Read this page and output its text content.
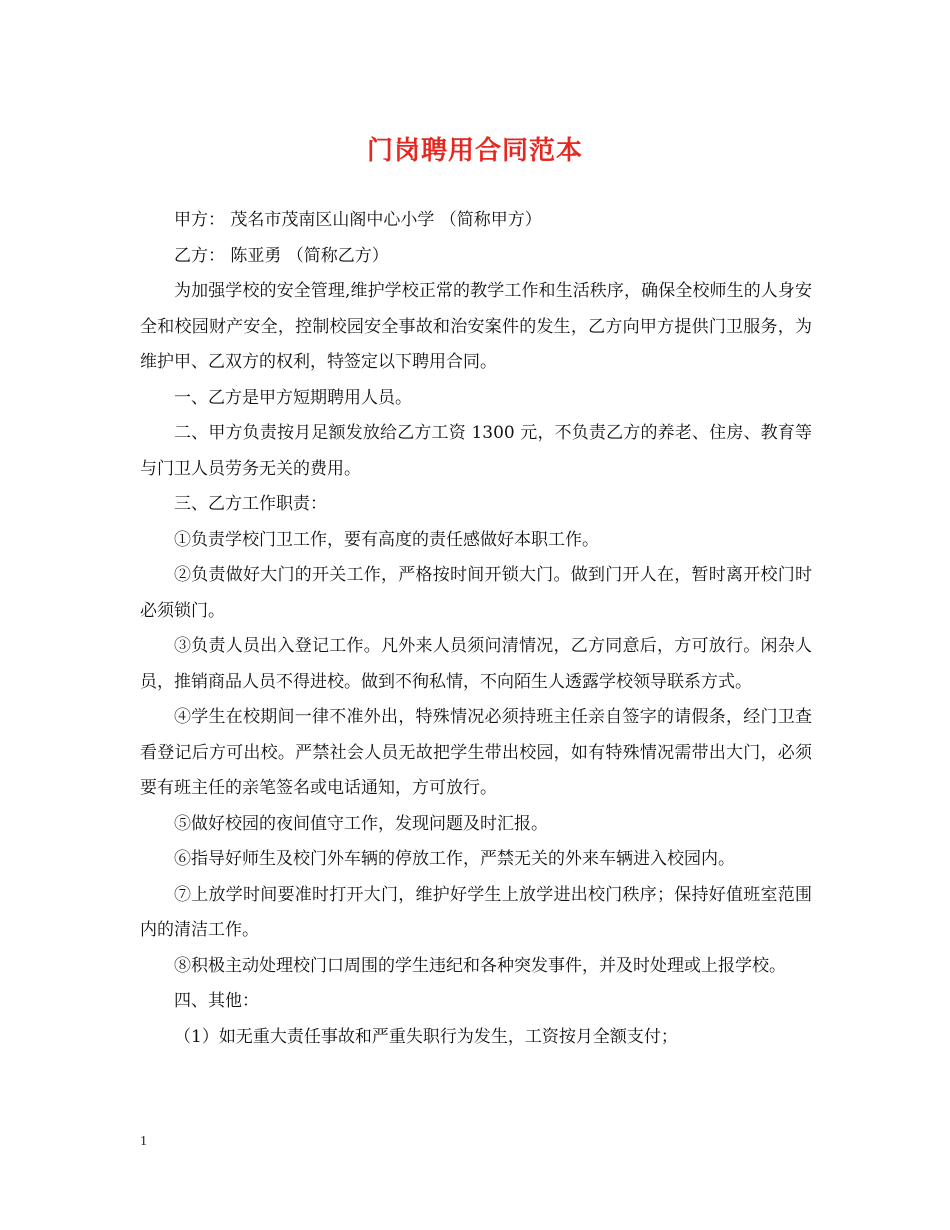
门岗聘用合同范本

甲方： 茂名市茂南区山阁中心小学 （简称甲方）

乙方： 陈亚勇 （简称乙方）

为加强学校的安全管理,维护学校正常的教学工作和生活秩序，确保全校师生的人身安全和校园财产安全，控制校园安全事故和治安案件的发生，乙方向甲方提供门卫服务，为维护甲、乙双方的权利，特签定以下聘用合同。

一、乙方是甲方短期聘用人员。

二、甲方负责按月足额发放给乙方工资 1300 元，不负责乙方的养老、住房、教育等与门卫人员劳务无关的费用。

三、乙方工作职责：

①负责学校门卫工作，要有高度的责任感做好本职工作。

②负责做好大门的开关工作，严格按时间开锁大门。做到门开人在，暂时离开校门时必须锁门。

③负责人员出入登记工作。凡外来人员须问清情况，乙方同意后，方可放行。闲杂人员，推销商品人员不得进校。做到不徇私情，不向陌生人透露学校领导联系方式。

④学生在校期间一律不准外出，特殊情况必须持班主任亲自签字的请假条，经门卫查看登记后方可出校。严禁社会人员无故把学生带出校园，如有特殊情况需带出大门，必须要有班主任的亲笔签名或电话通知，方可放行。

⑤做好校园的夜间值守工作，发现问题及时汇报。

⑥指导好师生及校门外车辆的停放工作，严禁无关的外来车辆进入校园内。

⑦上放学时间要准时打开大门，维护好学生上放学进出校门秩序；保持好值班室范围内的清洁工作。

⑧积极主动处理校门口周围的学生违纪和各种突发事件，并及时处理或上报学校。

四、其他：

（1）如无重大责任事故和严重失职行为发生，工资按月全额支付；

1
